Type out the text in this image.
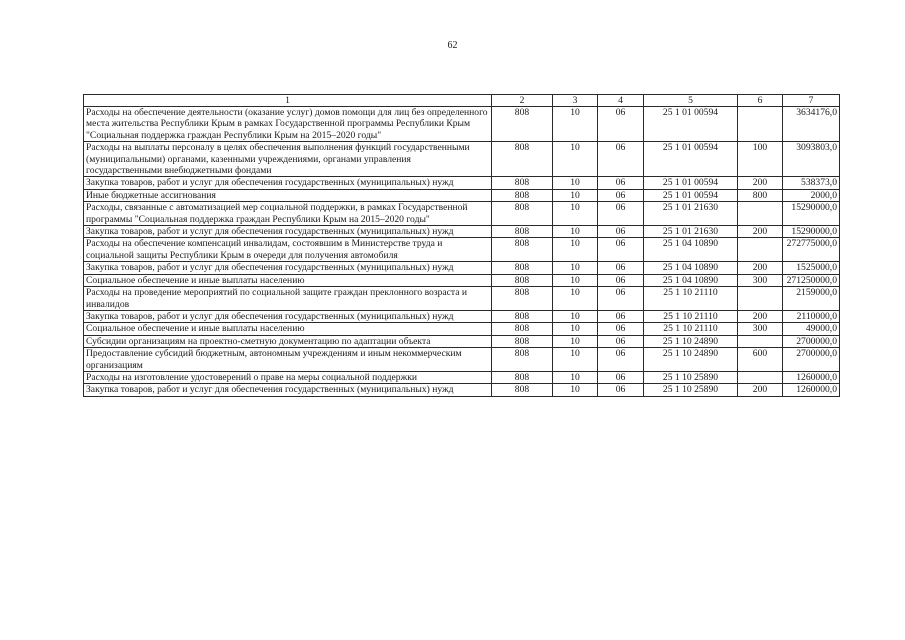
62
1	2	3	4	5	6	7
Расходы на обеспечение деятельности (оказание услуг) домов помощи для лиц без определенного места жительства Республики Крым в рамках Государственной программы Республики Крым "Социальная поддержка граждан Республики Крым на 2015–2020 годы"	808	10	06	25 1 01 00594		3634176,0
Расходы на выплаты персоналу в целях обеспечения выполнения функций государственными (муниципальными) органами, казенными учреждениями, органами управления государственными внебюджетными фондами	808	10	06	25 1 01 00594	100	3093803,0
Закупка товаров, работ и услуг для обеспечения государственных (муниципальных) нужд	808	10	06	25 1 01 00594	200	538373,0
Иные бюджетные ассигнования	808	10	06	25 1 01 00594	800	2000,0
Расходы, связанные с автоматизацией мер социальной поддержки, в рамках Государственной программы "Социальная поддержка граждан Республики Крым на 2015–2020 годы"	808	10	06	25 1 01 21630		15290000,0
Закупка товаров, работ и услуг для обеспечения государственных (муниципальных) нужд	808	10	06	25 1 01 21630	200	15290000,0
Расходы на обеспечение компенсаций инвалидам, состоявшим в Министерстве труда и социальной защиты Республики Крым в очереди для получения автомобиля	808	10	06	25 1 04 10890		272775000,0
Закупка товаров, работ и услуг для обеспечения государственных (муниципальных) нужд	808	10	06	25 1 04 10890	200	1525000,0
Социальное обеспечение и иные выплаты населению	808	10	06	25 1 04 10890	300	271250000,0
Расходы на проведение мероприятий по социальной защите граждан преклонного возраста и инвалидов	808	10	06	25 1 10 21110		2159000,0
Закупка товаров, работ и услуг для обеспечения государственных (муниципальных) нужд	808	10	06	25 1 10 21110	200	2110000,0
Социальное обеспечение и иные выплаты населению	808	10	06	25 1 10 21110	300	49000,0
Субсидии организациям на проектно-сметную документацию по адаптации объекта	808	10	06	25 1 10 24890		2700000,0
Предоставление субсидий бюджетным, автономным учреждениям и иным некоммерческим организациям	808	10	06	25 1 10 24890	600	2700000,0
Расходы на изготовление удостоверений о праве на меры социальной поддержки	808	10	06	25 1 10 25890		1260000,0
Закупка товаров, работ и услуг для обеспечения государственных (муниципальных) нужд	808	10	06	25 1 10 25890	200	1260000,0
